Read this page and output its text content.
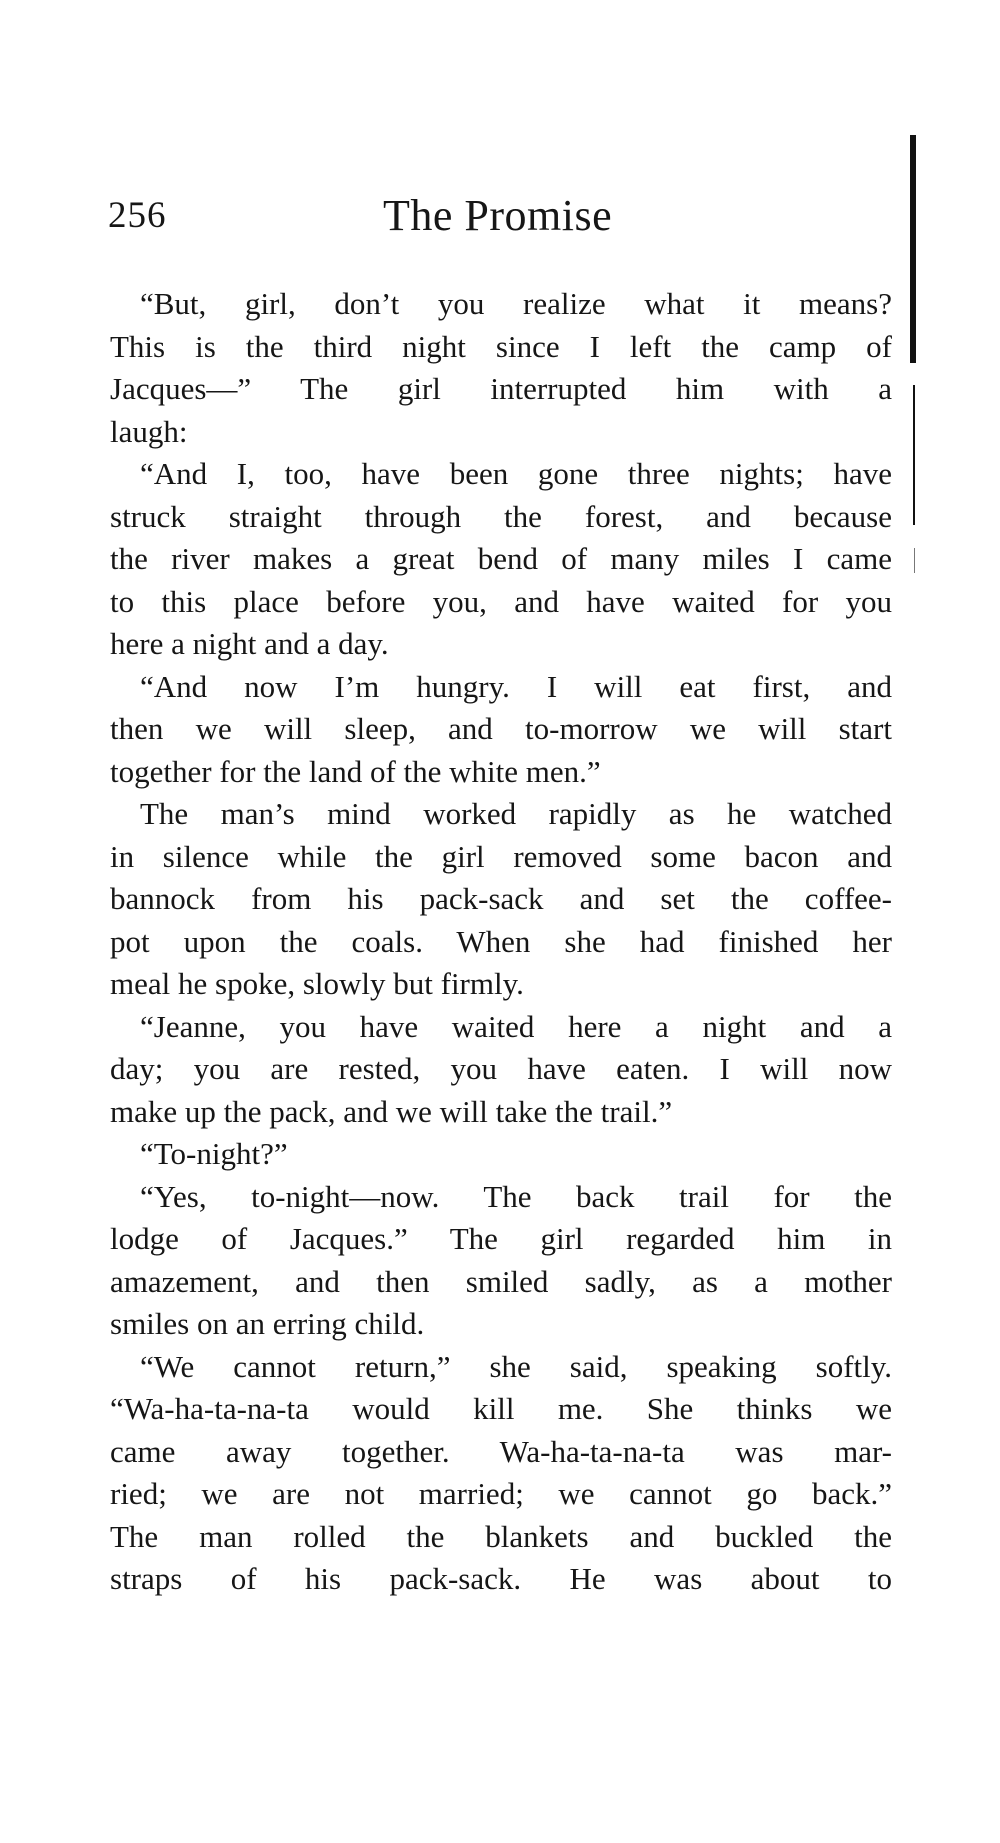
256	The Promise
“But, girl, don’t you realize what it means?
This is the third night since I left the camp of
Jacques—” The girl interrupted him with a
laugh:
“And I, too, have been gone three nights; have
struck straight through the forest, and because
the river makes a great bend of many miles I came
to this place before you, and have waited for you
here a night and a day.
“And now I’m hungry. I will eat first, and
then we will sleep, and to-morrow we will start
together for the land of the white men.”
The man’s mind worked rapidly as he watched
in silence while the girl removed some bacon and
bannock from his pack-sack and set the coffee-
pot upon the coals. When she had finished her
meal he spoke, slowly but firmly.
“Jeanne, you have waited here a night and a
day; you are rested, you have eaten. I will now
make up the pack, and we will take the trail.”
“To-night?”
“Yes, to-night—now. The back trail for the
lodge of Jacques.” The girl regarded him in
amazement, and then smiled sadly, as a mother
smiles on an erring child.
“We cannot return,” she said, speaking softly.
“Wa-ha-ta-na-ta would kill me. She thinks we
came away together. Wa-ha-ta-na-ta was mar-
ried; we are not married; we cannot go back.”
The man rolled the blankets and buckled the
straps of his pack-sack. He was about to
